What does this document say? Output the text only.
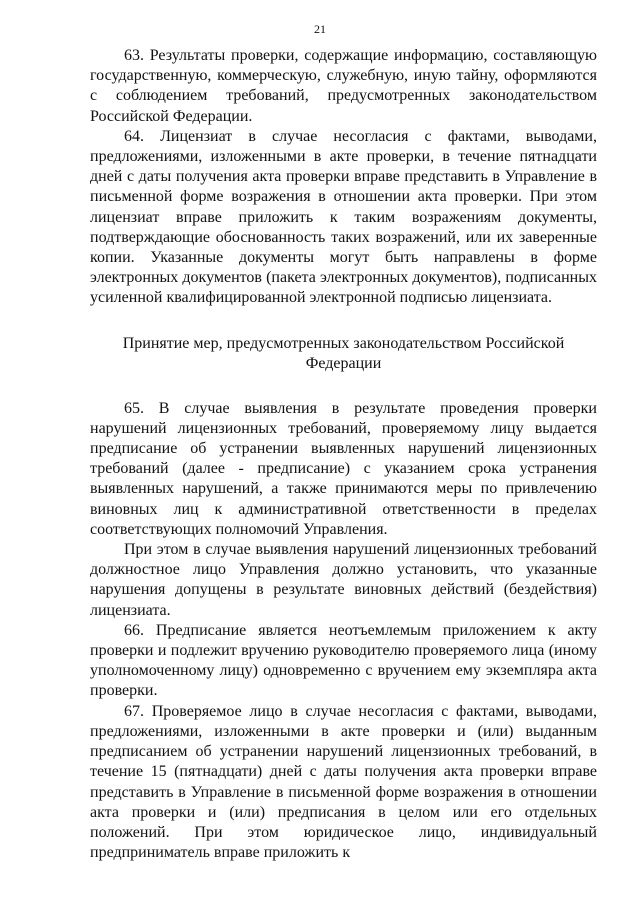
21

63. Результаты проверки, содержащие информацию, составляющую государственную, коммерческую, служебную, иную тайну, оформляются с соблюдением требований, предусмотренных законодательством Российской Федерации.

64. Лицензиат в случае несогласия с фактами, выводами, предложениями, изложенными в акте проверки, в течение пятнадцати дней с даты получения акта проверки вправе представить в Управление в письменной форме возражения в отношении акта проверки. При этом лицензиат вправе приложить к таким возражениям документы, подтверждающие обоснованность таких возражений, или их заверенные копии. Указанные документы могут быть направлены в форме электронных документов (пакета электронных документов), подписанных усиленной квалифицированной электронной подписью лицензиата.

Принятие мер, предусмотренных законодательством Российской Федерации

65. В случае выявления в результате проведения проверки нарушений лицензионных требований, проверяемому лицу выдается предписание об устранении выявленных нарушений лицензионных требований (далее - предписание) с указанием срока устранения выявленных нарушений, а также принимаются меры по привлечению виновных лиц к административной ответственности в пределах соответствующих полномочий Управления.

При этом в случае выявления нарушений лицензионных требований должностное лицо Управления должно установить, что указанные нарушения допущены в результате виновных действий (бездействия) лицензиата.

66. Предписание является неотъемлемым приложением к акту проверки и подлежит вручению руководителю проверяемого лица (иному уполномоченному лицу) одновременно с вручением ему экземпляра акта проверки.

67. Проверяемое лицо в случае несогласия с фактами, выводами, предложениями, изложенными в акте проверки и (или) выданным предписанием об устранении нарушений лицензионных требований, в течение 15 (пятнадцати) дней с даты получения акта проверки вправе представить в Управление в письменной форме возражения в отношении акта проверки и (или) предписания в целом или его отдельных положений. При этом юридическое лицо, индивидуальный предприниматель вправе приложить к
